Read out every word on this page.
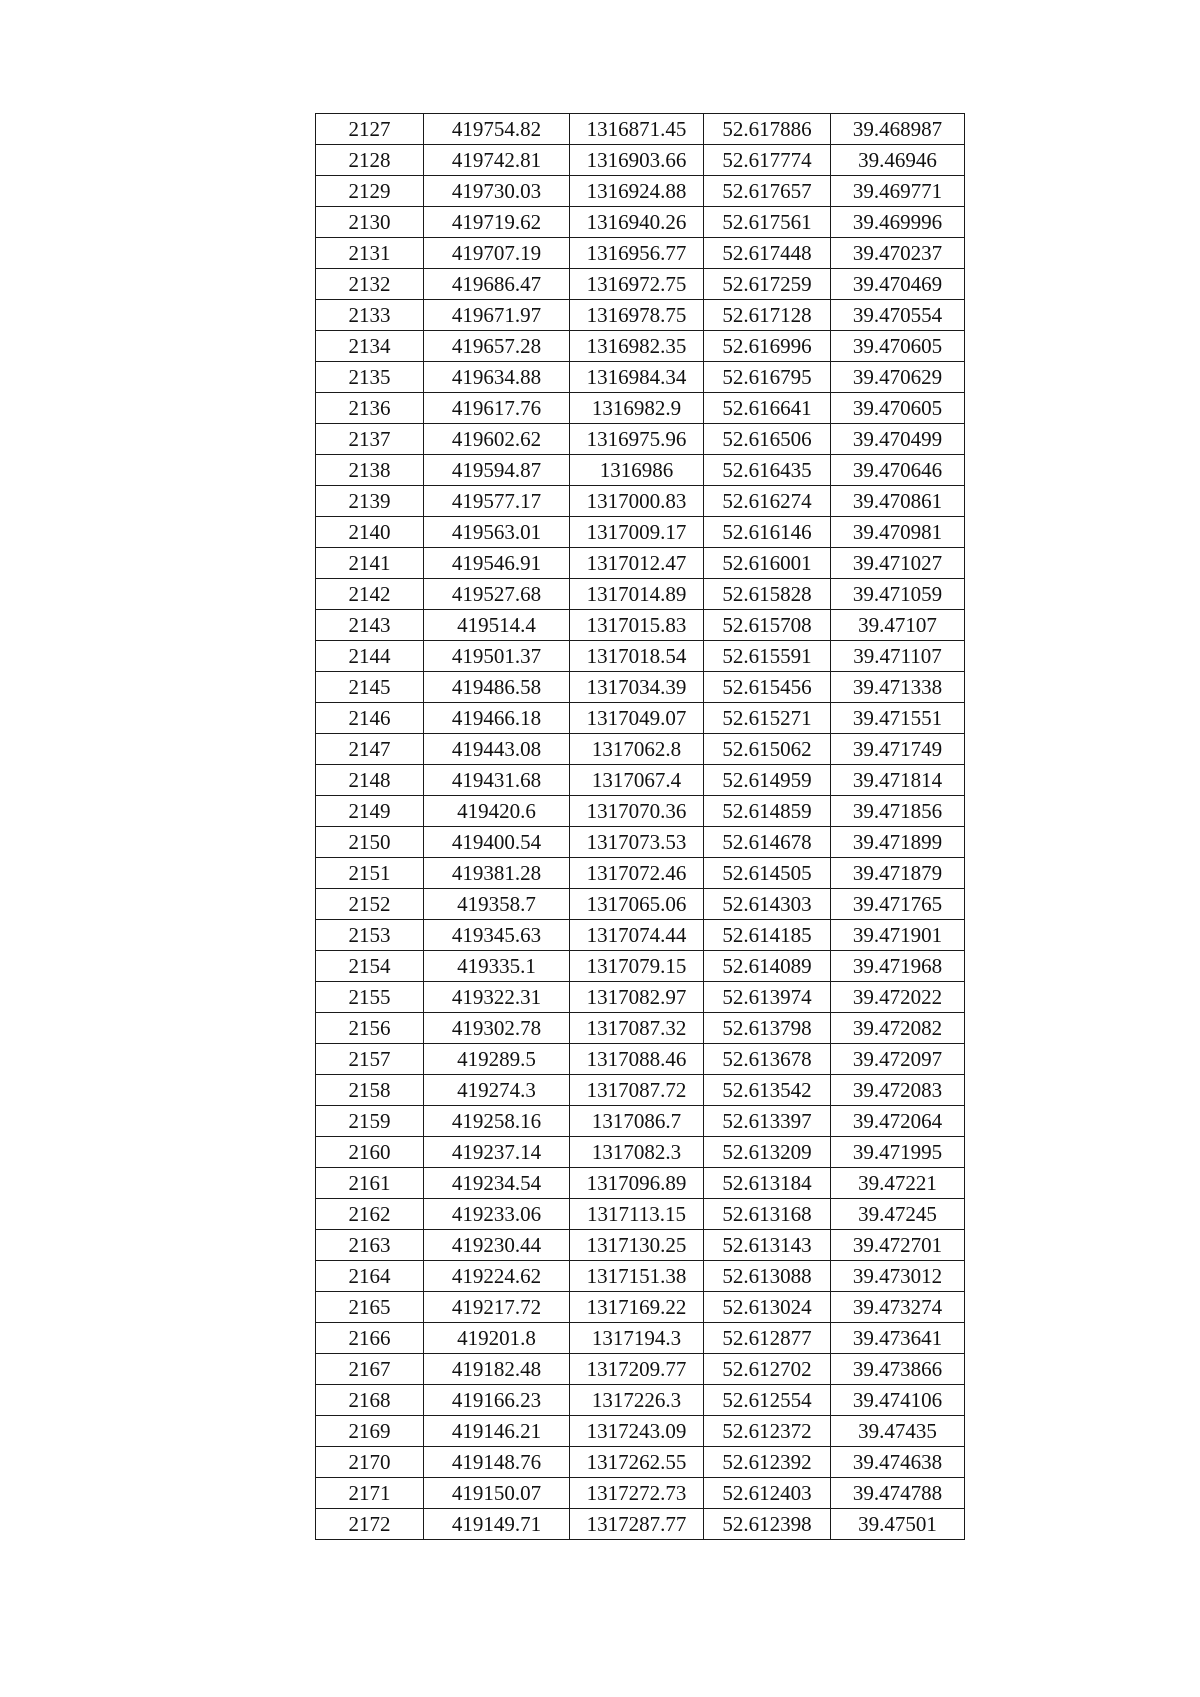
2127	419754.82	1316871.45	52.617886	39.468987
2128	419742.81	1316903.66	52.617774	39.46946
2129	419730.03	1316924.88	52.617657	39.469771
2130	419719.62	1316940.26	52.617561	39.469996
2131	419707.19	1316956.77	52.617448	39.470237
2132	419686.47	1316972.75	52.617259	39.470469
2133	419671.97	1316978.75	52.617128	39.470554
2134	419657.28	1316982.35	52.616996	39.470605
2135	419634.88	1316984.34	52.616795	39.470629
2136	419617.76	1316982.9	52.616641	39.470605
2137	419602.62	1316975.96	52.616506	39.470499
2138	419594.87	1316986	52.616435	39.470646
2139	419577.17	1317000.83	52.616274	39.470861
2140	419563.01	1317009.17	52.616146	39.470981
2141	419546.91	1317012.47	52.616001	39.471027
2142	419527.68	1317014.89	52.615828	39.471059
2143	419514.4	1317015.83	52.615708	39.47107
2144	419501.37	1317018.54	52.615591	39.471107
2145	419486.58	1317034.39	52.615456	39.471338
2146	419466.18	1317049.07	52.615271	39.471551
2147	419443.08	1317062.8	52.615062	39.471749
2148	419431.68	1317067.4	52.614959	39.471814
2149	419420.6	1317070.36	52.614859	39.471856
2150	419400.54	1317073.53	52.614678	39.471899
2151	419381.28	1317072.46	52.614505	39.471879
2152	419358.7	1317065.06	52.614303	39.471765
2153	419345.63	1317074.44	52.614185	39.471901
2154	419335.1	1317079.15	52.614089	39.471968
2155	419322.31	1317082.97	52.613974	39.472022
2156	419302.78	1317087.32	52.613798	39.472082
2157	419289.5	1317088.46	52.613678	39.472097
2158	419274.3	1317087.72	52.613542	39.472083
2159	419258.16	1317086.7	52.613397	39.472064
2160	419237.14	1317082.3	52.613209	39.471995
2161	419234.54	1317096.89	52.613184	39.47221
2162	419233.06	1317113.15	52.613168	39.47245
2163	419230.44	1317130.25	52.613143	39.472701
2164	419224.62	1317151.38	52.613088	39.473012
2165	419217.72	1317169.22	52.613024	39.473274
2166	419201.8	1317194.3	52.612877	39.473641
2167	419182.48	1317209.77	52.612702	39.473866
2168	419166.23	1317226.3	52.612554	39.474106
2169	419146.21	1317243.09	52.612372	39.47435
2170	419148.76	1317262.55	52.612392	39.474638
2171	419150.07	1317272.73	52.612403	39.474788
2172	419149.71	1317287.77	52.612398	39.47501
